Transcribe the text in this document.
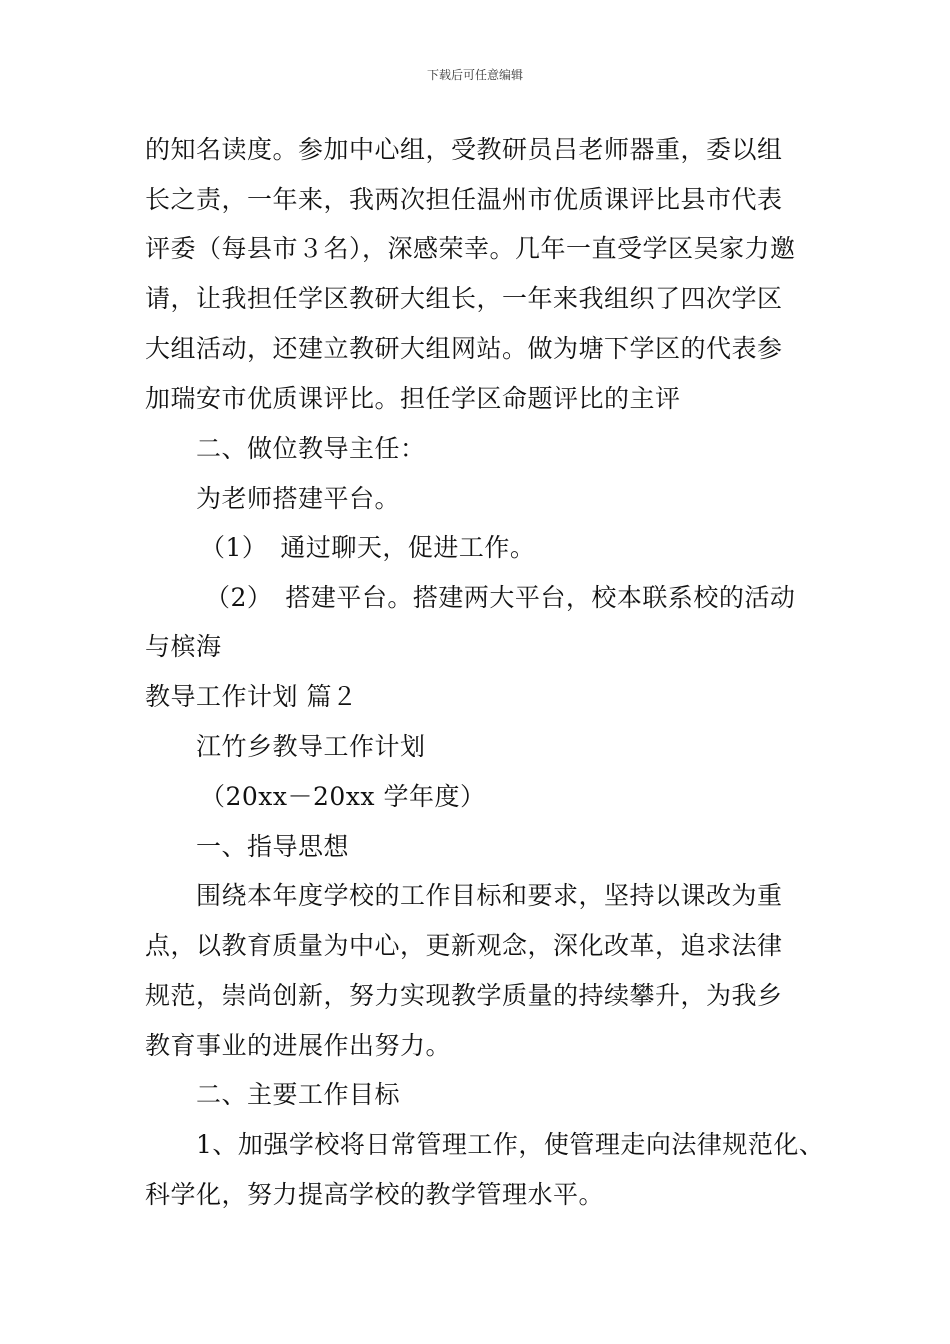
下载后可任意编辑
的知名读度。参加中心组，受教研员吕老师器重，委以组
长之责，一年来，我两次担任温州市优质课评比县市代表
评委（每县市３名），深感荣幸。几年一直受学区吴家力邀
请，让我担任学区教研大组长，一年来我组织了四次学区
大组活动，还建立教研大组网站。做为塘下学区的代表参
加瑞安市优质课评比。担任学区命题评比的主评
二、做位教导主任：
为老师搭建平台。
（1）　通过聊天，促进工作。
（2）　搭建平台。搭建两大平台，校本联系校的活动
与槟海
教导工作计划 篇２
江竹乡教导工作计划
（20xx－20xx 学年度）
一、指导思想
围绕本年度学校的工作目标和要求，坚持以课改为重
点，以教育质量为中心，更新观念，深化改革，追求法律
规范，崇尚创新，努力实现教学质量的持续攀升，为我乡
教育事业的进展作出努力。
二、主要工作目标
1、加强学校将日常管理工作，使管理走向法律规范化、
科学化，努力提高学校的教学管理水平。
